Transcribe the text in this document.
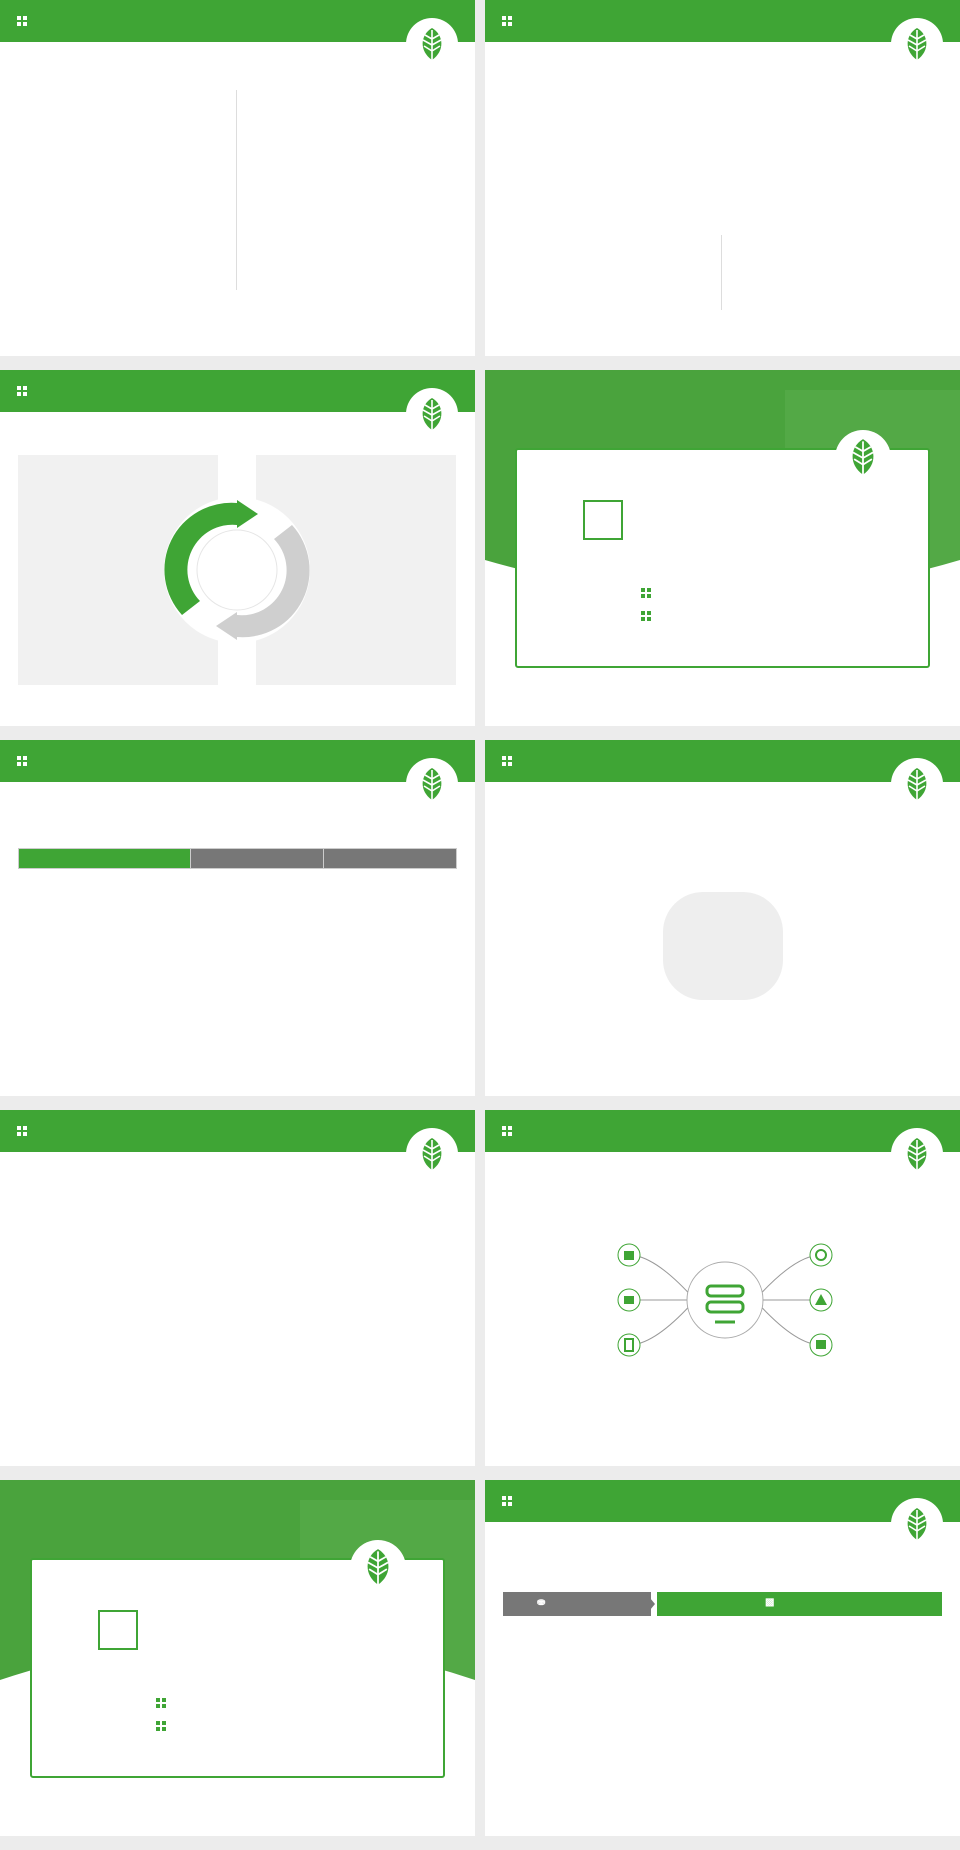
⛂	▩
